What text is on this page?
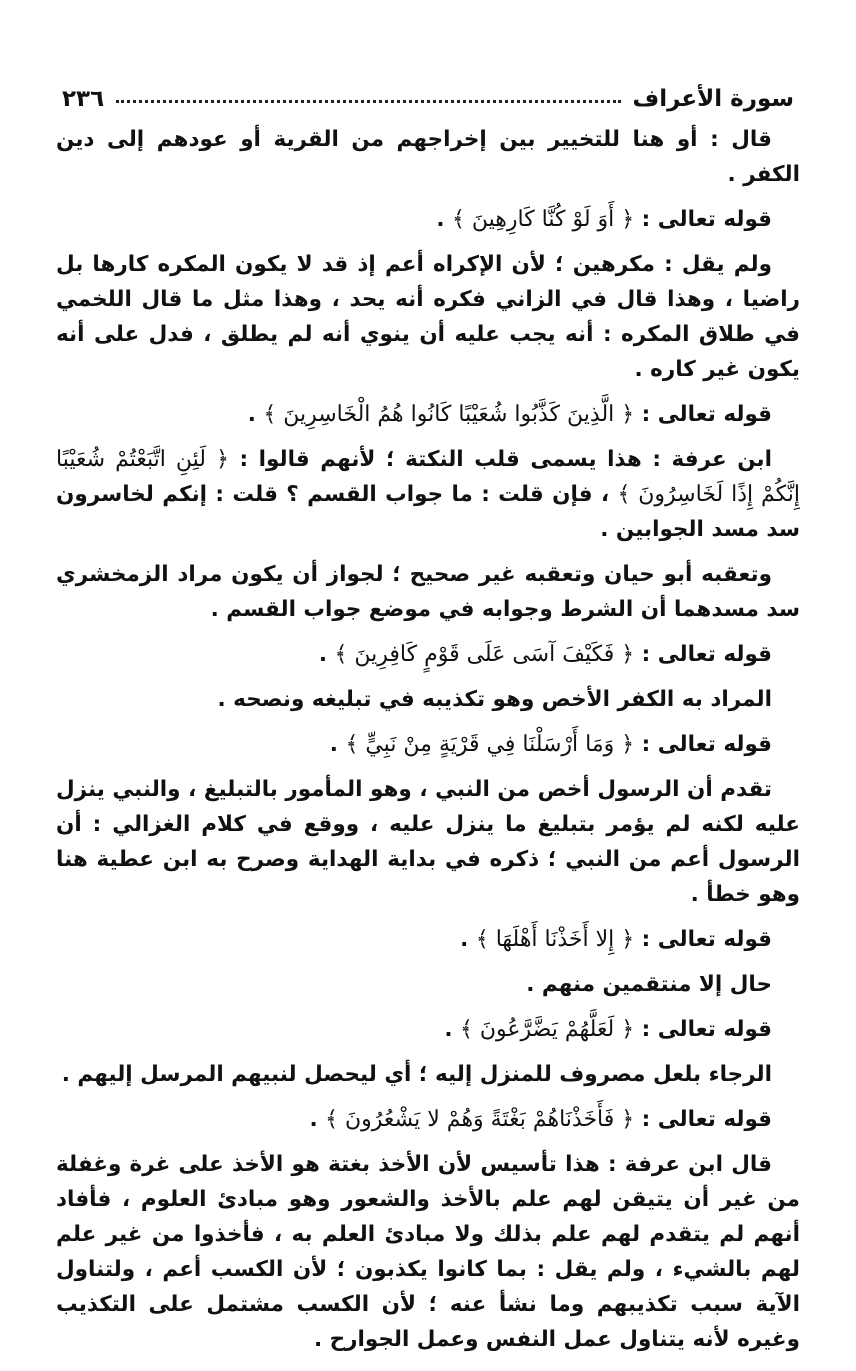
سورة الأعراف
٢٣٦

قال : أو هنا للتخيير بين إخراجهم من القرية أو عودهم إلى دين الكفر .

قوله تعالى : ﴿ أَوَ لَوْ كُنَّا كَارِهِينَ ﴾ .

ولم يقل : مكرهين ؛ لأن الإكراه أعم إذ قد لا يكون المكره كارها بل راضيا ، وهذا قال في الزاني فكره أنه يحد ، وهذا مثل ما قال اللخمي في طلاق المكره : أنه يجب عليه أن ينوي أنه لم يطلق ، فدل على أنه يكون غير كاره .

قوله تعالى : ﴿ الَّذِينَ كَذَّبُوا شُعَيْبًا كَانُوا هُمُ الْخَاسِرِينَ ﴾ .

ابن عرفة : هذا يسمى قلب النكتة ؛ لأنهم قالوا : ﴿ لَئِنِ اتَّبَعْتُمْ شُعَيْبًا إِنَّكُمْ إِذًا لَخَاسِرُونَ ﴾ ، فإن قلت : ما جواب القسم ؟ قلت : إنكم لخاسرون سد مسد الجوابين .

وتعقبه أبو حيان وتعقبه غير صحيح ؛ لجواز أن يكون مراد الزمخشري سد مسدهما أن الشرط وجوابه في موضع جواب القسم .

قوله تعالى : ﴿ فَكَيْفَ آسَى عَلَى قَوْمٍ كَافِرِينَ ﴾ .

المراد به الكفر الأخص وهو تكذيبه في تبليغه ونصحه .

قوله تعالى : ﴿ وَمَا أَرْسَلْنَا فِي قَرْيَةٍ مِنْ نَبِيٍّ ﴾ .

تقدم أن الرسول أخص من النبي ، وهو المأمور بالتبليغ ، والنبي ينزل عليه لكنه لم يؤمر بتبليغ ما ينزل عليه ، ووقع في كلام الغزالي : أن الرسول أعم من النبي ؛ ذكره في بداية الهداية وصرح به ابن عطية هنا وهو خطأ .

قوله تعالى : ﴿ إِلا أَخَذْنَا أَهْلَهَا ﴾ .

حال إلا منتقمين منهم .

قوله تعالى : ﴿ لَعَلَّهُمْ يَضَّرَّعُونَ ﴾ .

الرجاء بلعل مصروف للمنزل إليه ؛ أي ليحصل لنبيهم المرسل إليهم .

قوله تعالى : ﴿ فَأَخَذْنَاهُمْ بَغْتَةً وَهُمْ لا يَشْعُرُونَ ﴾ .

قال ابن عرفة : هذا تأسيس لأن الأخذ بغتة هو الأخذ على غرة وغفلة من غير أن يتيقن لهم علم بالأخذ والشعور وهو مبادئ العلوم ، فأفاد أنهم لم يتقدم لهم علم بذلك ولا مبادئ العلم به ، فأخذوا من غير علم لهم بالشيء ، ولم يقل : بما كانوا يكذبون ؛ لأن الكسب أعم ، ولتناول الآية سبب تكذيبهم وما نشأ عنه ؛ لأن الكسب مشتمل على التكذيب وغيره لأنه يتناول عمل النفس وعمل الجوارح .
